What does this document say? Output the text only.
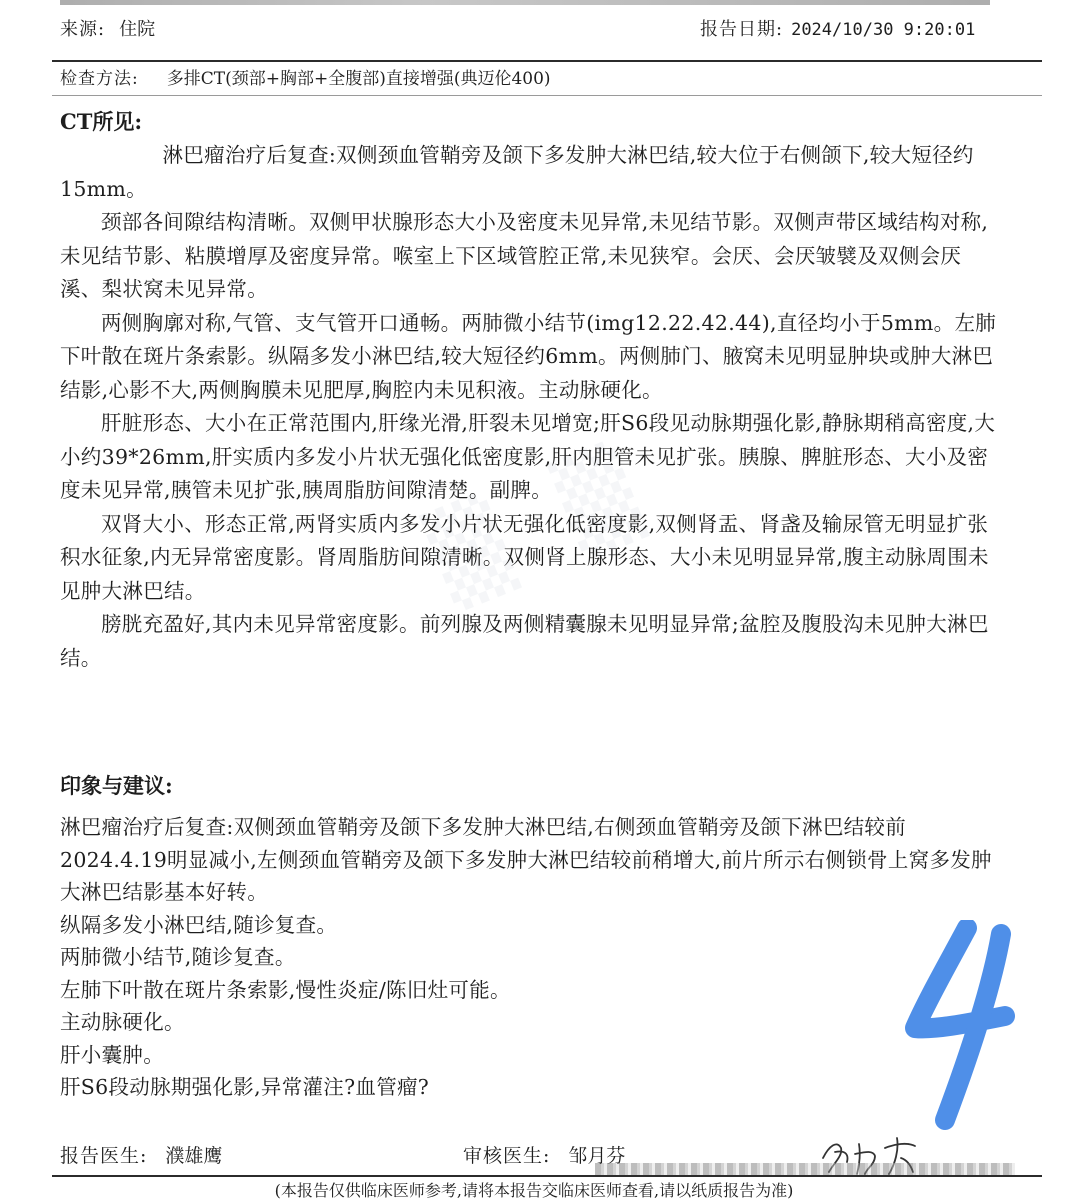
来源: 住院	报告日期: 2024/10/30 9:20:01
检查方法: 多排CT(颈部+胸部+全腹部)直接增强(典迈伦400)
▒ ▒
CT所见:

淋巴瘤治疗后复查:双侧颈血管鞘旁及颌下多发肿大淋巴结,较大位于右侧颌下,较大短径约15mm。

颈部各间隙结构清晰。双侧甲状腺形态大小及密度未见异常,未见结节影。双侧声带区域结构对称,未见结节影、粘膜增厚及密度异常。喉室上下区域管腔正常,未见狭窄。会厌、会厌皱襞及双侧会厌溪、梨状窝未见异常。

两侧胸廓对称,气管、支气管开口通畅。两肺微小结节(img12.22.42.44),直径均小于5mm。左肺下叶散在斑片条索影。纵隔多发小淋巴结,较大短径约6mm。两侧肺门、腋窝未见明显肿块或肿大淋巴结影,心影不大,两侧胸膜未见肥厚,胸腔内未见积液。主动脉硬化。

肝脏形态、大小在正常范围内,肝缘光滑,肝裂未见增宽;肝S6段见动脉期强化影,静脉期稍高密度,大小约39*26mm,肝实质内多发小片状无强化低密度影,肝内胆管未见扩张。胰腺、脾脏形态、大小及密度未见异常,胰管未见扩张,胰周脂肪间隙清楚。副脾。

双肾大小、形态正常,两肾实质内多发小片状无强化低密度影,双侧肾盂、肾盏及输尿管无明显扩张积水征象,内无异常密度影。肾周脂肪间隙清晰。双侧肾上腺形态、大小未见明显异常,腹主动脉周围未见肿大淋巴结。

膀胱充盈好,其内未见异常密度影。前列腺及两侧精囊腺未见明显异常;盆腔及腹股沟未见肿大淋巴结。

印象与建议:

淋巴瘤治疗后复查:双侧颈血管鞘旁及颌下多发肿大淋巴结,右侧颈血管鞘旁及颌下淋巴结较前2024.4.19明显减小,左侧颈血管鞘旁及颌下多发肿大淋巴结较前稍增大,前片所示右侧锁骨上窝多发肿大淋巴结影基本好转。

纵隔多发小淋巴结,随诊复查。

两肺微小结节,随诊复查。

左肺下叶散在斑片条索影,慢性炎症/陈旧灶可能。

主动脉硬化。

肝小囊肿。

肝S6段动脉期强化影,异常灌注?血管瘤?

报告医生: 濮雄鹰	审核医生: 邹月芬
(本报告仅供临床医师参考,请将本报告交临床医师查看,请以纸质报告为准)
